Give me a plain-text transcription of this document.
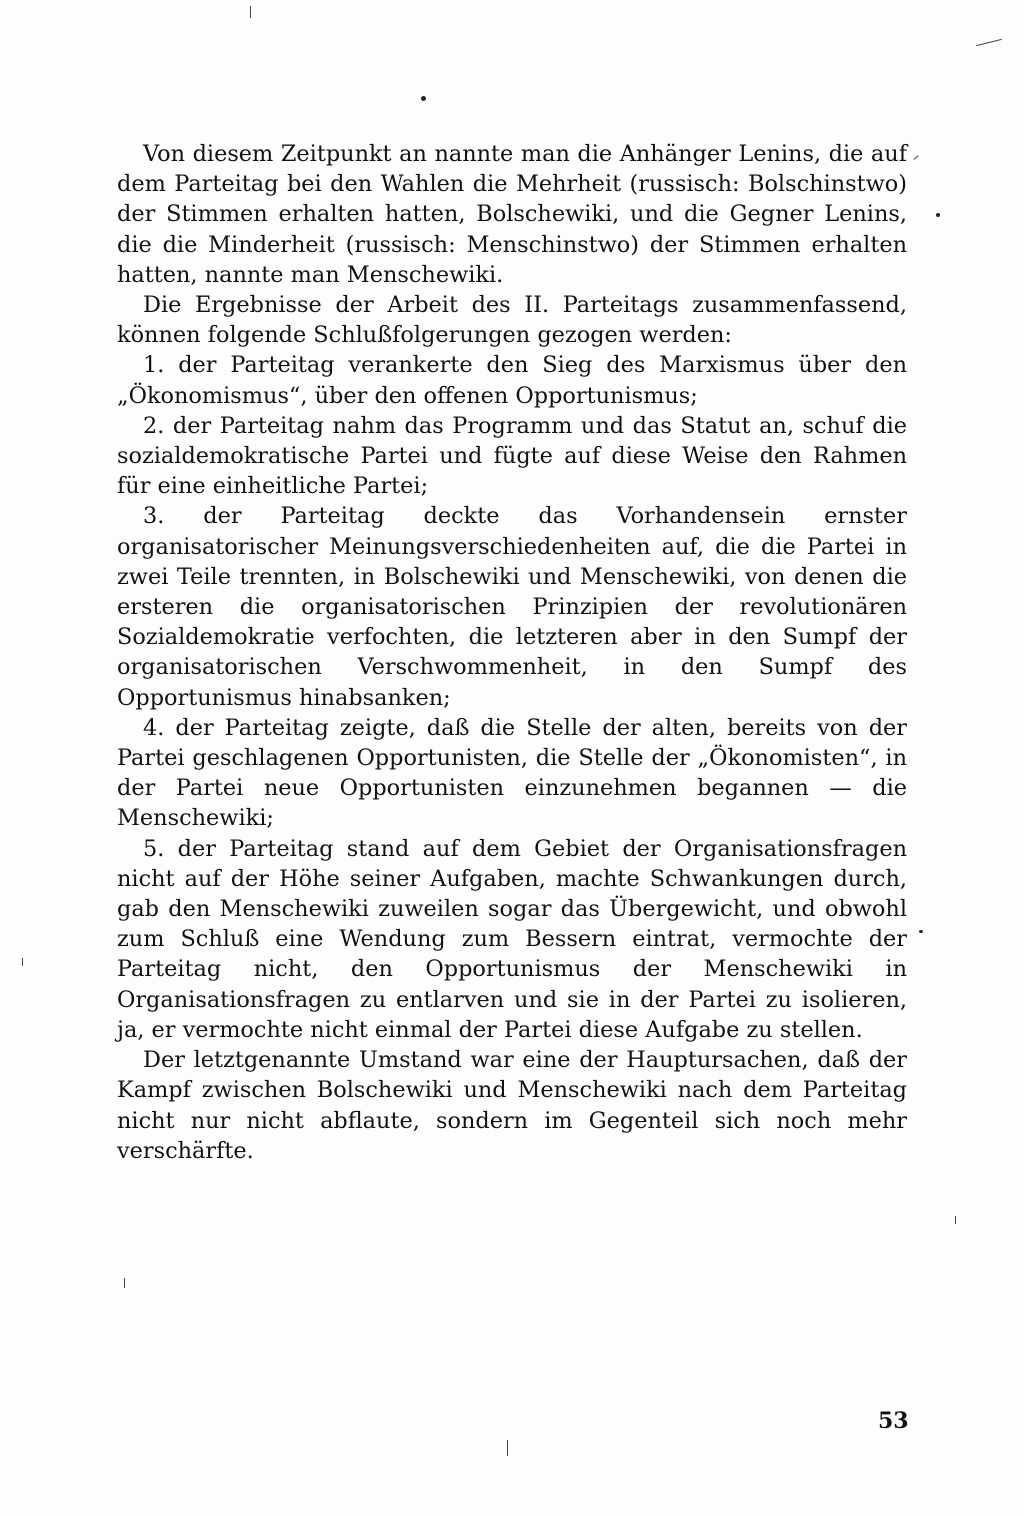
Von diesem Zeitpunkt an nannte man die Anhänger Lenins, die auf dem Parteitag bei den Wahlen die Mehrheit (russisch: Bolschinstwo) der Stimmen erhalten hatten, Bolschewiki, und die Gegner Lenins, die die Minderheit (russisch: Menschinstwo) der Stimmen erhalten hatten, nannte man Menschewiki.

Die Ergebnisse der Arbeit des II. Parteitags zusammenfassend, können folgende Schlußfolgerungen gezogen werden:

1. der Parteitag verankerte den Sieg des Marxismus über den „Ökonomismus“, über den offenen Opportunismus;

2. der Parteitag nahm das Programm und das Statut an, schuf die sozialdemokratische Partei und fügte auf diese Weise den Rahmen für eine einheitliche Partei;

3. der Parteitag deckte das Vorhandensein ernster organisatorischer Meinungsverschiedenheiten auf, die die Partei in zwei Teile trennten, in Bolschewiki und Menschewiki, von denen die ersteren die organisatorischen Prinzipien der revolutionären Sozialdemokratie verfochten, die letzteren aber in den Sumpf der organisatorischen Verschwommenheit, in den Sumpf des Opportunismus hinabsanken;

4. der Parteitag zeigte, daß die Stelle der alten, bereits von der Partei geschlagenen Opportunisten, die Stelle der „Ökonomisten“, in der Partei neue Opportunisten einzunehmen begannen — die Menschewiki;

5. der Parteitag stand auf dem Gebiet der Organisationsfragen nicht auf der Höhe seiner Aufgaben, machte Schwankungen durch, gab den Menschewiki zuweilen sogar das Übergewicht, und obwohl zum Schluß eine Wendung zum Bessern eintrat, vermochte der Parteitag nicht, den Opportunismus der Menschewiki in Organisationsfragen zu entlarven und sie in der Partei zu isolieren, ja, er vermochte nicht einmal der Partei diese Aufgabe zu stellen.

Der letztgenannte Umstand war eine der Hauptursachen, daß der Kampf zwischen Bolschewiki und Menschewiki nach dem Parteitag nicht nur nicht abflaute, sondern im Gegenteil sich noch mehr verschärfte.

53
